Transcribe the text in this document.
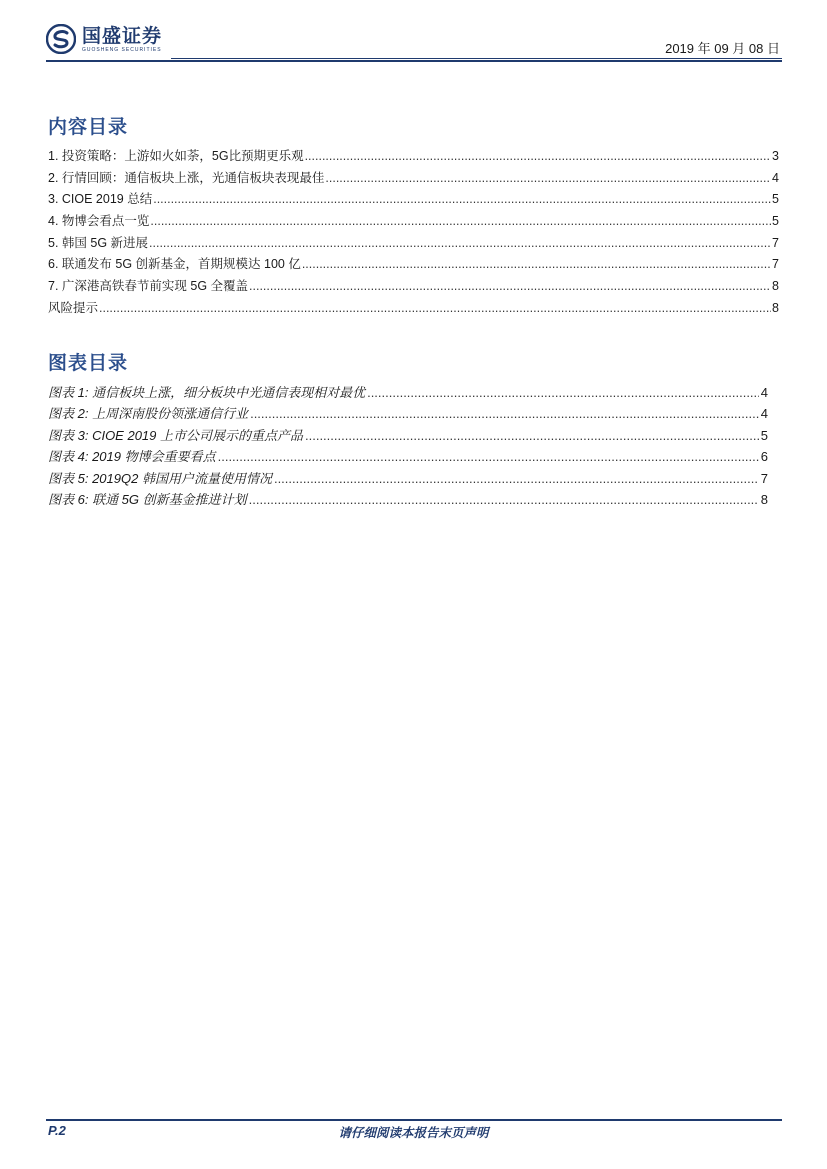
国盛证券
GUOSHENG SECURITIES	2019 年 09 月 08 日
内容目录
1. 投资策略：上游如火如荼，5G比预期更乐观 .....	3
2. 行情回顾：通信板块上涨，光通信板块表现最佳 .....	4
3. CIOE 2019 总结 .....	5
4. 物博会看点一览 .....	5
5. 韩国 5G 新进展 .....	7
6. 联通发布 5G 创新基金，首期规模达 100 亿 .....	7
7. 广深港高铁春节前实现 5G 全覆盖 .....	8
风险提示 .....	8
图表目录
图表 1: 通信板块上涨，细分板块中光通信表现相对最优 .....	4
图表 2: 上周深南股份领涨通信行业 .....	4
图表 3: CIOE 2019 上市公司展示的重点产品 .....	5
图表 4: 2019 物博会重要看点 .....	6
图表 5: 2019Q2 韩国用户流量使用情况 .....	7
图表 6: 联通 5G 创新基金推进计划 .....	8
请仔细阅读本报告末页声明
P.2
